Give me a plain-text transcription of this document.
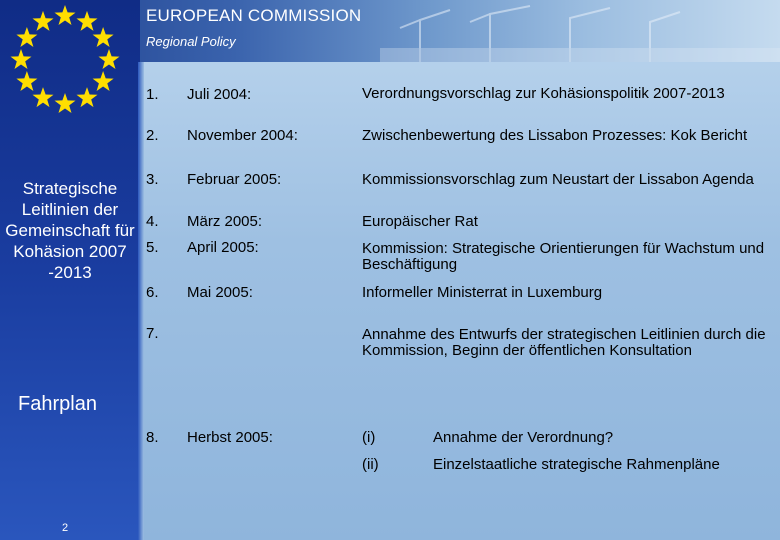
EUROPEAN COMMISSION
Regional Policy
Strategische Leitlinien der Gemeinschaft für Kohäsion 2007 -2013
Fahrplan
2
1. Juli 2004:	Verordnungsvorschlag zur Kohäsionspolitik 2007-2013
2. November 2004:	Zwischenbewertung des Lissabon Prozesses: Kok Bericht
3. Februar 2005:	Kommissionsvorschlag zum Neustart der Lissabon Agenda
4. März 2005:	Europäischer Rat
5. April 2005:	Kommission: Strategische Orientierungen für Wachstum und Beschäftigung
6. Mai 2005:	Informeller Ministerrat in Luxemburg
7.	Annahme des Entwurfs der strategischen Leitlinien durch die Kommission, Beginn der öffentlichen Konsultation
8. Herbst 2005:	(i)	Annahme der Verordnung?
(ii)	Einzelstaatliche strategische Rahmenpläne
